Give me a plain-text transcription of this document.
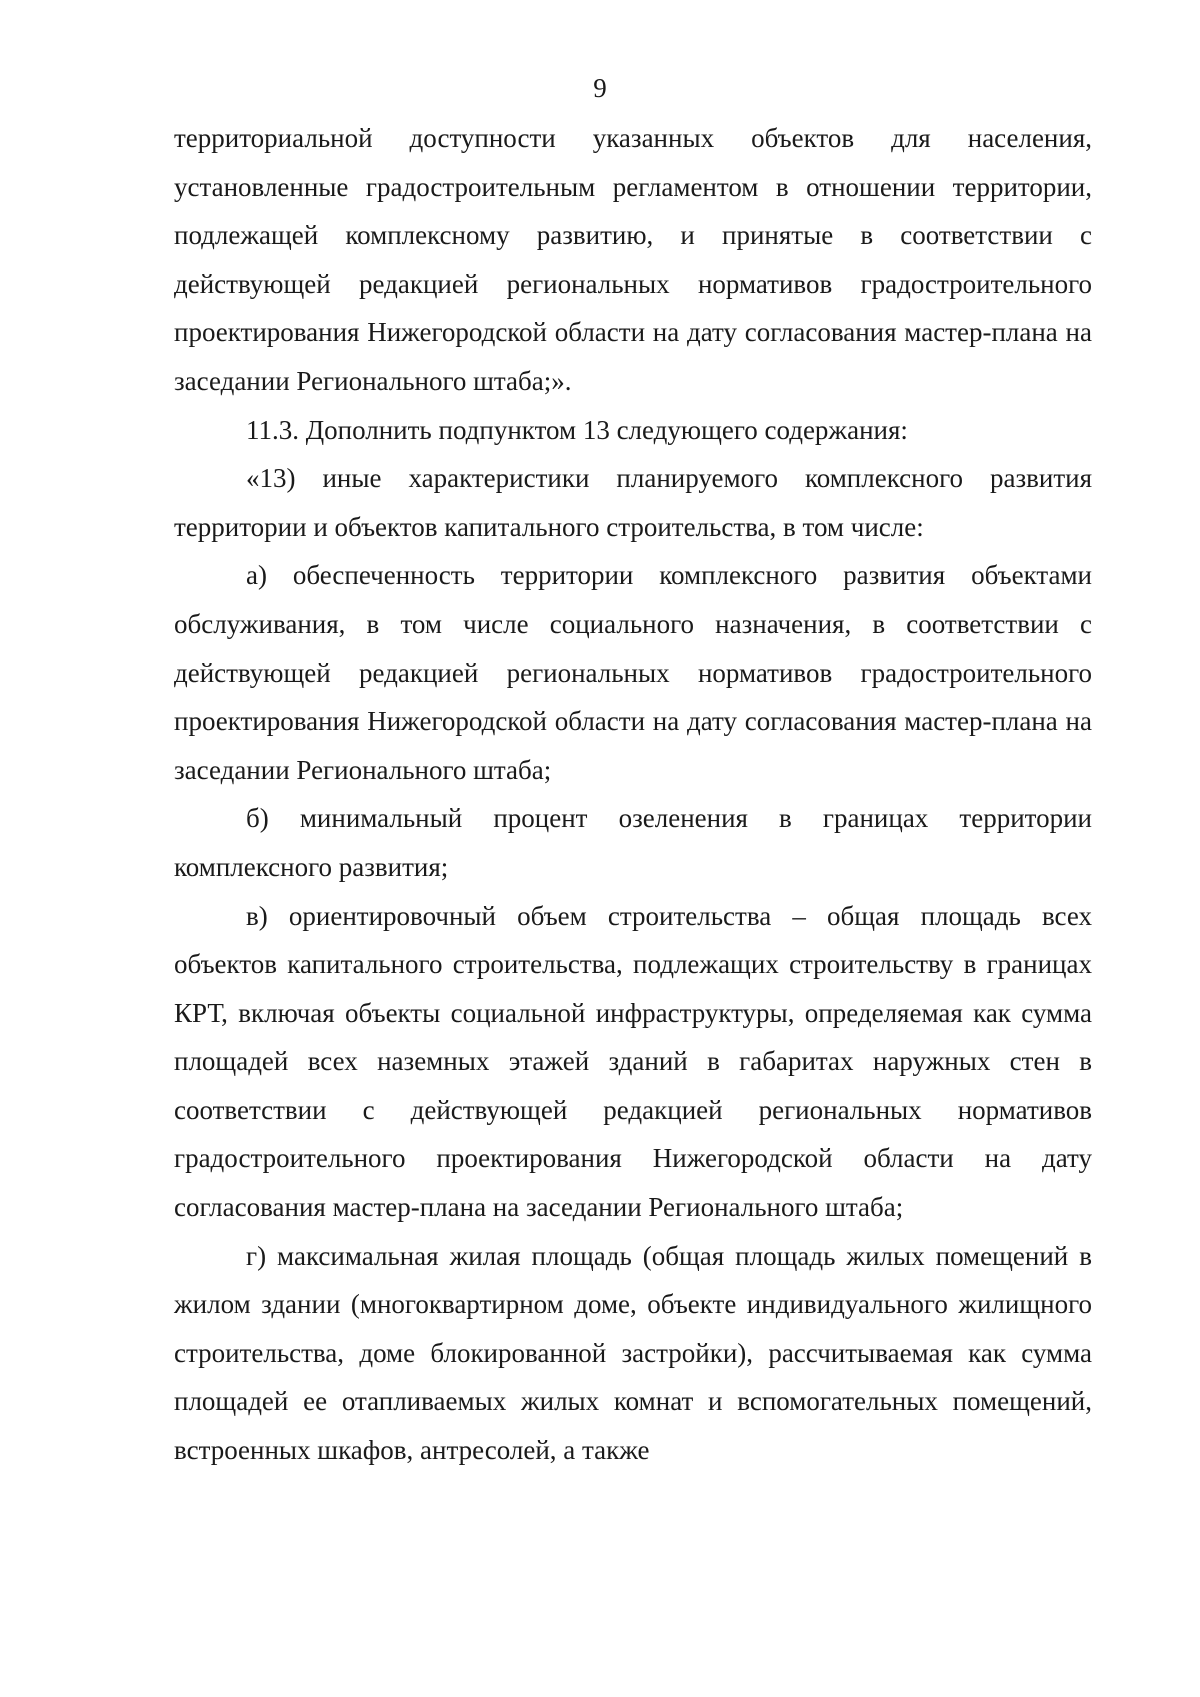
9

территориальной доступности указанных объектов для населения, установленные градостроительным регламентом в отношении территории, подлежащей комплексному развитию, и принятые в соответствии с действующей редакцией региональных нормативов градостроительного проектирования Нижегородской области на дату согласования мастер-плана на заседании Регионального штаба;».

11.3. Дополнить подпунктом 13 следующего содержания:

«13) иные характеристики планируемого комплексного развития территории и объектов капитального строительства, в том числе:

а) обеспеченность территории комплексного развития объектами обслуживания, в том числе социального назначения, в соответствии с действующей редакцией региональных нормативов градостроительного проектирования Нижегородской области на дату согласования мастер-плана на заседании Регионального штаба;

б) минимальный процент озеленения в границах территории комплексного развития;

в) ориентировочный объем строительства – общая площадь всех объектов капитального строительства, подлежащих строительству в границах КРТ, включая объекты социальной инфраструктуры, определяемая как сумма площадей всех наземных этажей зданий в габаритах наружных стен в соответствии с действующей редакцией региональных нормативов градостроительного проектирования Нижегородской области на дату согласования мастер-плана на заседании Регионального штаба;

г) максимальная жилая площадь (общая площадь жилых помещений в жилом здании (многоквартирном доме, объекте индивидуального жилищного строительства, доме блокированной застройки), рассчитываемая как сумма площадей ее отапливаемых жилых комнат и вспомогательных помещений, встроенных шкафов, антресолей, а также
